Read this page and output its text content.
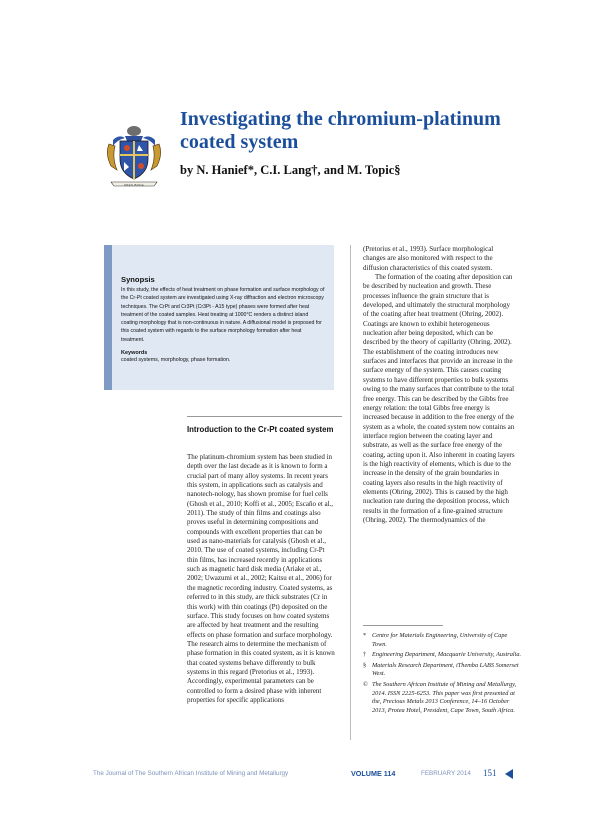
SPES BONA
Investigating the chromium-platinum coated system

by N. Hanief*, C.I. Lang†, and M. Topic§

Synopsis

In this study, the effects of heat treatment on phase formation and surface morphology of the Cr-Pt coated system are investigated using X-ray diffraction and electron microscopy techniques. The CrPt and Cr3Pt (Cr3Pt - A15 type) phases were formed after heat treatment of the coated samples. Heat treating at 1000°C renders a distinct island coating morphology that is non-continuous in nature. A diffusional model is proposed for this coated system with regards to the surface morphology formation after heat treatment.

Keywords

coated systems, morphology, phase formation.

Introduction to the Cr-Pt coated system

The platinum-chromium system has been studied in depth over the last decade as it is known to form a crucial part of many alloy systems. In recent years this system, in applications such as catalysis and nanotech-nology, has shown promise for fuel cells (Ghosh et al., 2010; Koffi et al., 2005; Escaño et al., 2011). The study of thin films and coatings also proves useful in determining compositions and compounds with excellent properties that can be used as nano-materials for catalysis (Ghosh et al., 2010. The use of coated systems, including Cr-Pt thin films, has increased recently in applications such as magnetic hard disk media (Ariake et al., 2002; Uwazumi et al., 2002; Kaitsu et al., 2006) for the magnetic recording industry. Coated systems, as referred to in this study, are thick substrates (Cr in this work) with thin coatings (Pt) deposited on the surface. This study focuses on how coated systems are affected by heat treatment and the resulting effects on phase formation and surface morphology. The research aims to determine the mechanism of phase formation in this coated system, as it is known that coated systems behave differently to bulk systems in this regard (Pretorius et al., 1993). Accordingly, experimental parameters can be controlled to form a desired phase with inherent properties for specific applications

(Pretorius et al., 1993). Surface morphological changes are also monitored with respect to the diffusion characteristics of this coated system.

The formation of the coating after deposition can be described by nucleation and growth. These processes influence the grain structure that is developed, and ultimately the structural morphology of the coating after heat treatment (Ohring, 2002). Coatings are known to exhibit heterogeneous nucleation after being deposited, which can be described by the theory of capillarity (Ohring, 2002). The establishment of the coating introduces new surfaces and interfaces that provide an increase in the surface energy of the system. This causes coating systems to have different properties to bulk systems owing to the many surfaces that contribute to the total free energy. This can be described by the Gibbs free energy relation: the total Gibbs free energy is increased because in addition to the free energy of the system as a whole, the coated system now contains an interface region between the coating layer and substrate, as well as the surface free energy of the coating, acting upon it. Also inherent in coating layers is the high reactivity of elements, which is due to the increase in the density of the grain boundaries in coating layers also results in the high reactivity of elements (Ohring, 2002). This is caused by the high nucleation rate during the deposition process, which results in the formation of a fine-grained structure (Ohring, 2002). The thermodynamics of the

* Centre for Materials Engineering, University of Cape Town.

† Engineering Department, Macquarie University, Australia.

§ Materials Research Department, iThemba LABS Somerset West.

© The Southern African Institute of Mining and Metallurgy, 2014. ISSN 2225-6253. This paper was first presented at the, Precious Metals 2013 Conference, 14–16 October 2013, Protea Hotel, President, Cape Town, South Africa.

The Journal of The Southern African Institute of Mining and Metallurgy	VOLUME 114	FEBRUARY 2014 151
